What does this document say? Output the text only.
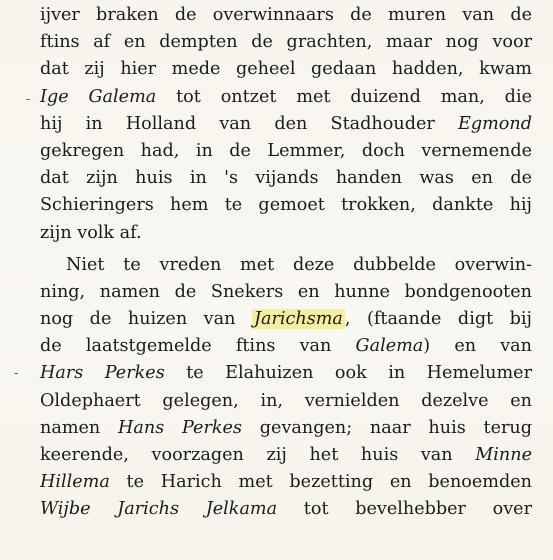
ijver braken de overwinnaars de muren van de
ftins af en dempten de grachten, maar nog voor
dat zij hier mede geheel gedaan hadden, kwam
Ige Galema tot ontzet met duizend man, die
hij in Holland van den Stadhouder Egmond
gekregen had, in de Lemmer, doch vernemende
dat zijn huis in 's vijands handen was en de
Schieringers hem te gemoet trokken, dankte hij
zijn volk af.
Niet te vreden met deze dubbelde overwin-
ning, namen de Snekers en hunne bondgenooten
nog de huizen van Jarichsma , (ftaande digt bij
de laatstgemelde ftins van Galema) en van
Hars Perkes te Elahuizen ook in Hemelumer
Oldephaert gelegen, in, vernielden dezelve en
namen Hans Perkes gevangen; naar huis terug
keerende, voorzagen zij het huis van Minne
Hillema te Harich met bezetting en benoemden
Wijbe Jarichs Jelkama tot bevelhebber over
-
-
